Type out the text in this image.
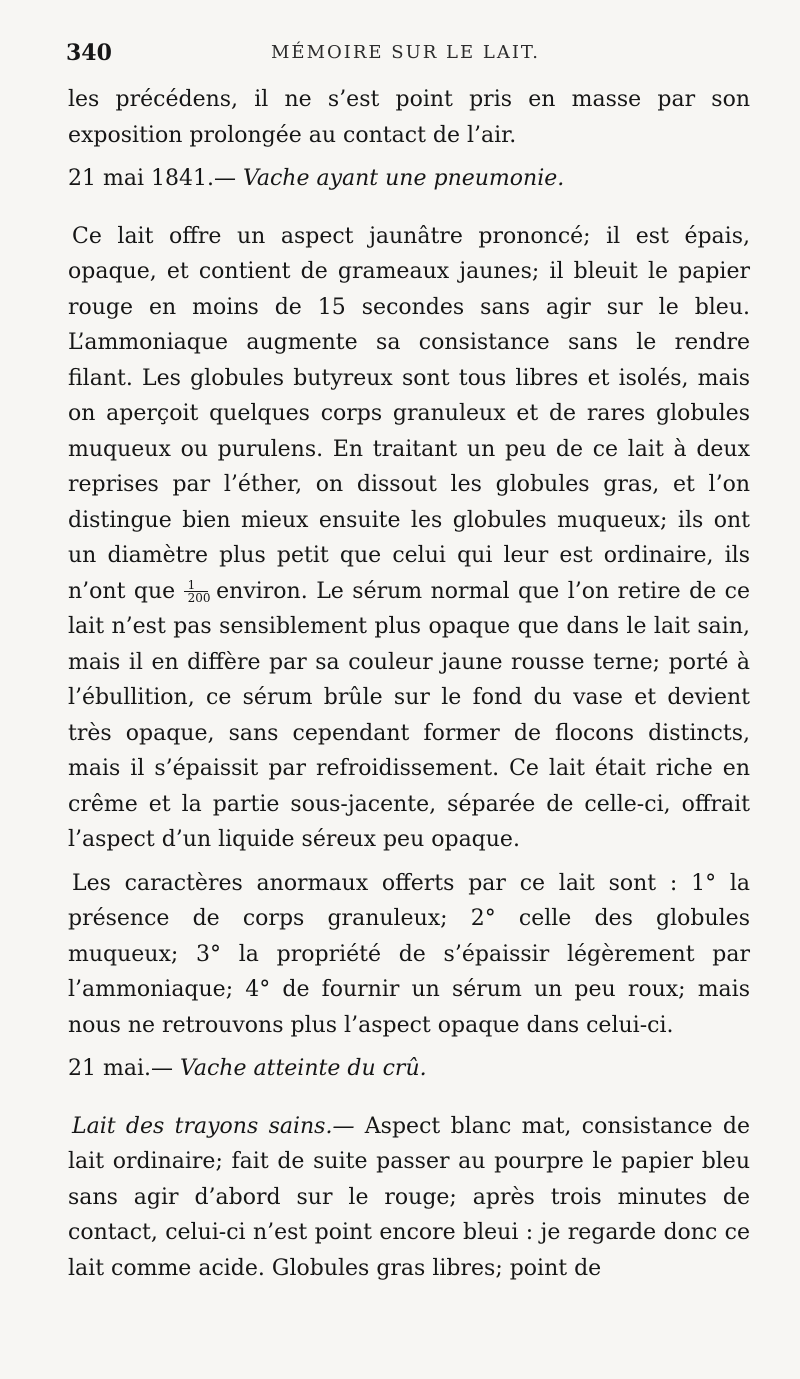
340	MÉMOIRE SUR LE LAIT.

les précédens, il ne s’est point pris en masse par son exposition prolongée au contact de l’air.

21 mai 1841.— Vache ayant une pneumonie.

Ce lait offre un aspect jaunâtre prononcé; il est épais, opaque, et contient de grameaux jaunes; il bleuit le papier rouge en moins de 15 secondes sans agir sur le bleu. L’ammoniaque augmente sa consistance sans le rendre filant. Les globules butyreux sont tous libres et isolés, mais on aperçoit quelques corps granuleux et de rares globules muqueux ou purulens. En traitant un peu de ce lait à deux reprises par l’éther, on dissout les globules gras, et l’on distingue bien mieux ensuite les globules muqueux; ils ont un diamètre plus petit que celui qui leur est ordinaire, ils n’ont que $\frac{1}{200}$ environ. Le sérum normal que l’on retire de ce lait n’est pas sensiblement plus opaque que dans le lait sain, mais il en diffère par sa couleur jaune rousse terne; porté à l’ébullition, ce sérum brûle sur le fond du vase et devient très opaque, sans cependant former de flocons distincts, mais il s’épaissit par refroidissement. Ce lait était riche en crême et la partie sous-jacente, séparée de celle-ci, offrait l’aspect d’un liquide séreux peu opaque.

Les caractères anormaux offerts par ce lait sont : 1° la présence de corps granuleux; 2° celle des globules muqueux; 3° la propriété de s’épaissir légèrement par l’ammoniaque; 4° de fournir un sérum un peu roux; mais nous ne retrouvons plus l’aspect opaque dans celui-ci.

21 mai.— Vache atteinte du crû.

Lait des trayons sains.— Aspect blanc mat, consistance de lait ordinaire; fait de suite passer au pourpre le papier bleu sans agir d’abord sur le rouge; après trois minutes de contact, celui-ci n’est point encore bleui : je regarde donc ce lait comme acide. Globules gras libres; point de
